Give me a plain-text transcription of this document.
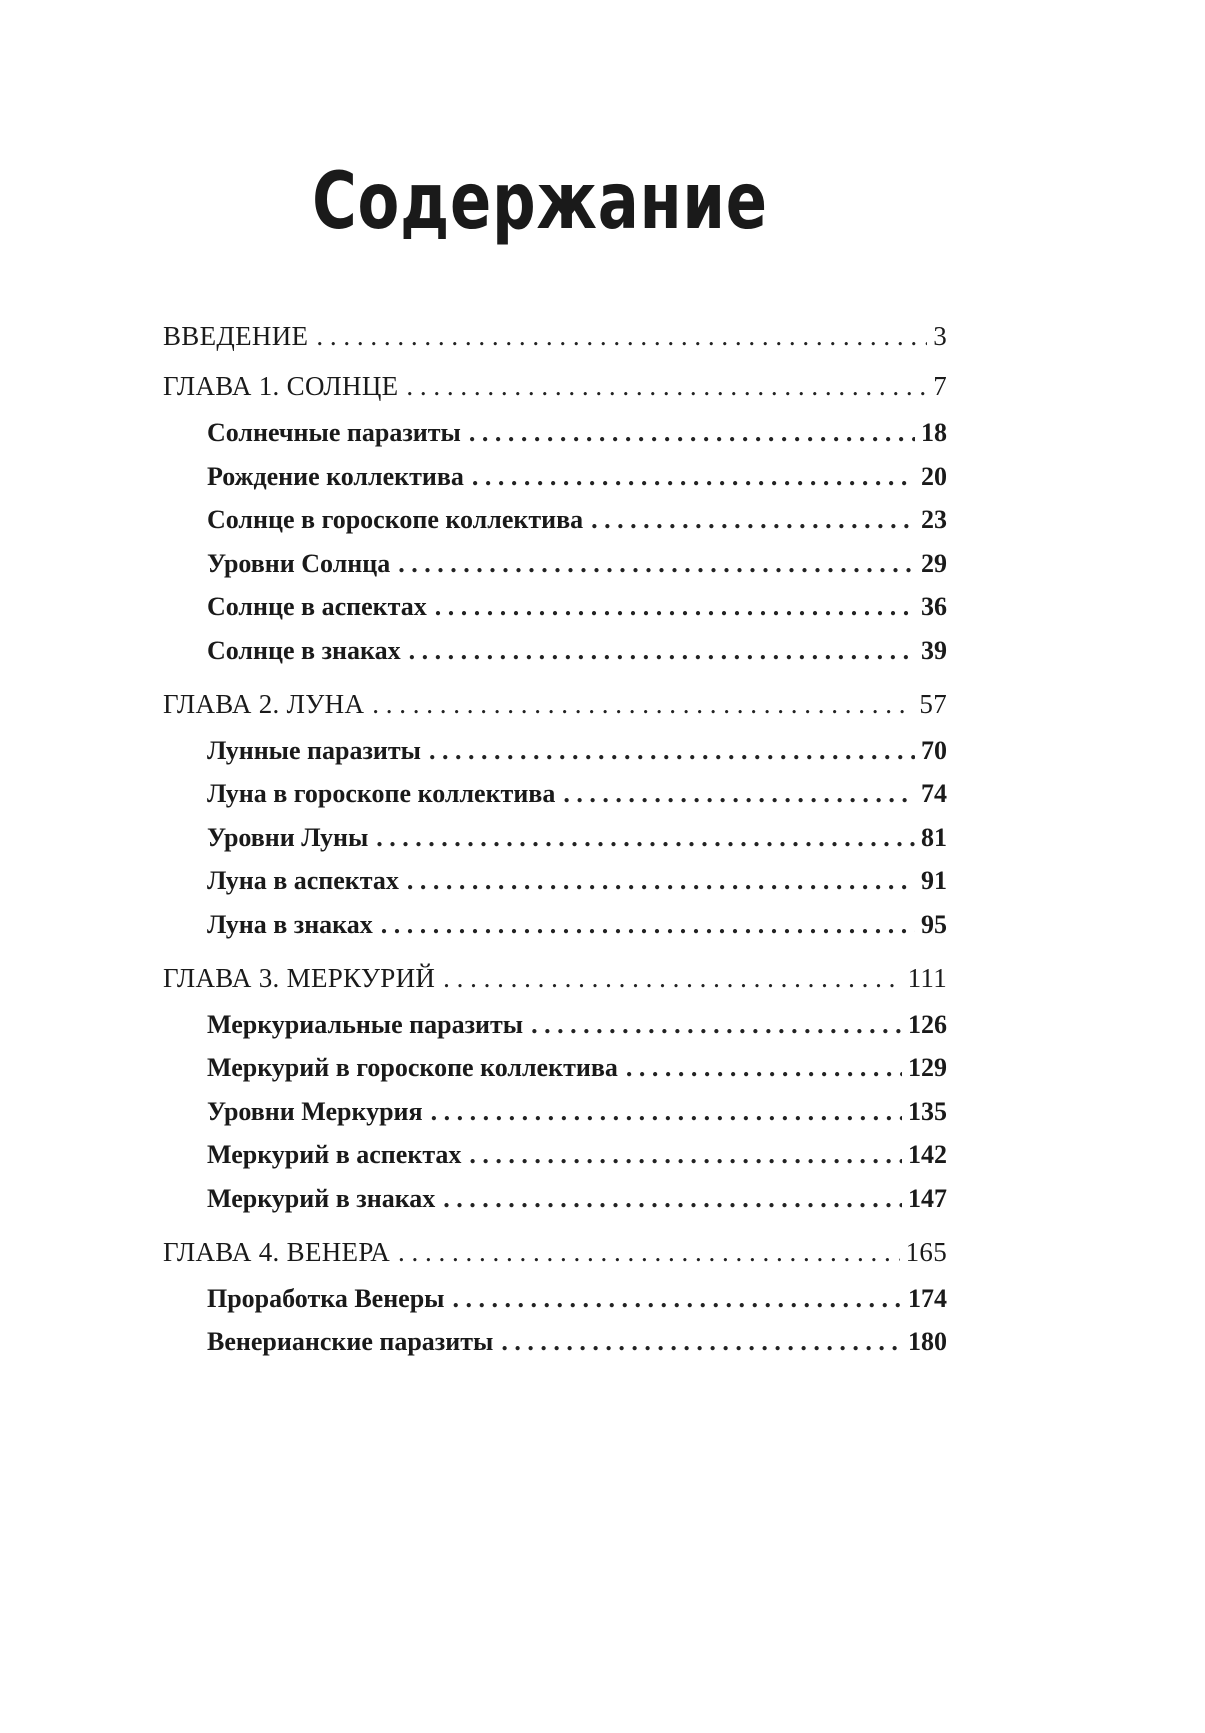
Содержание
ВВЕДЕНИЕ . . .	3
ГЛАВА 1. СОЛНЦЕ . . .	7
Солнечные паразиты . . .	18
Рождение коллектива . . .	20
Солнце в гороскопе коллектива . . .	23
Уровни Солнца . . .	29
Солнце в аспектах . . .	36
Солнце в знаках . . .	39
ГЛАВА 2. ЛУНА . . .	57
Лунные паразиты . . .	70
Луна в гороскопе коллектива . . .	74
Уровни Луны . . .	81
Луна в аспектах . . .	91
Луна в знаках . . .	95
ГЛАВА 3. МЕРКУРИЙ . . .	111
Меркуриальные паразиты . . .	126
Меркурий в гороскопе коллектива . . .	129
Уровни Меркурия . . .	135
Меркурий в аспектах . . .	142
Меркурий в знаках . . .	147
ГЛАВА 4. ВЕНЕРА . . .	165
Проработка Венеры . . .	174
Венерианские паразиты . . .	180
